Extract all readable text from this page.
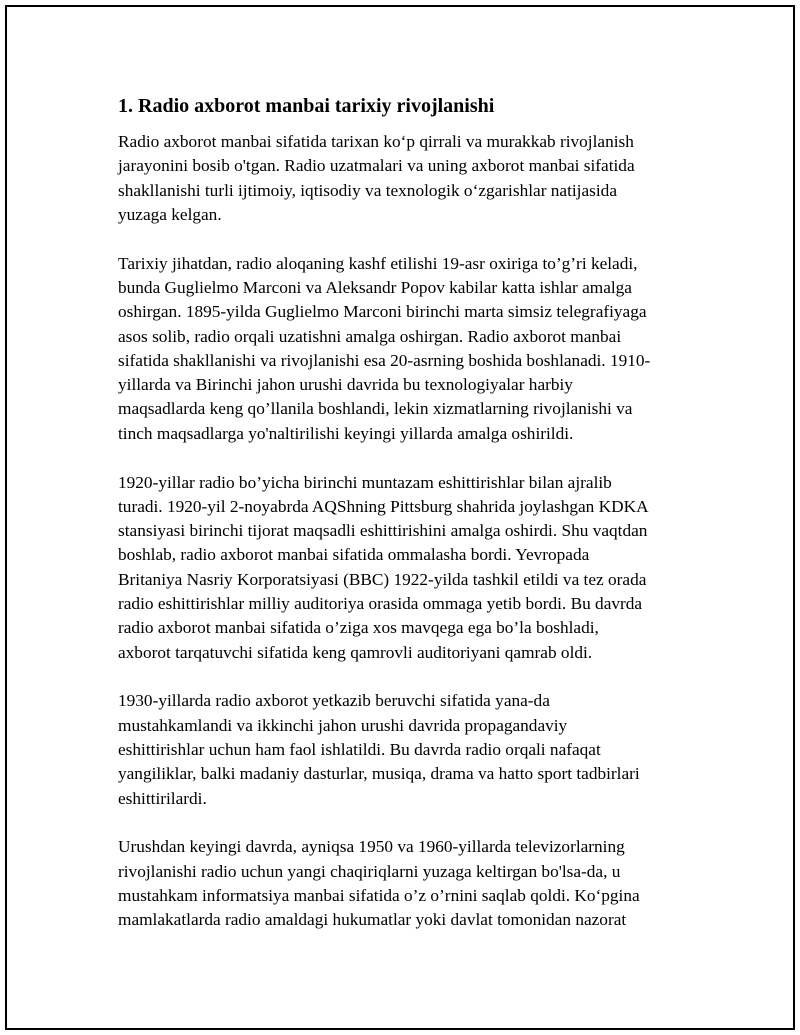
1. Radio axborot manbai tarixiy rivojlanishi
Radio axborot manbai sifatida tarixan ko‘p qirrali va murakkab rivojlanish
jarayonini bosib o'tgan. Radio uzatmalari va uning axborot manbai sifatida
shakllanishi turli ijtimoiy, iqtisodiy va texnologik o‘zgarishlar natijasida
yuzaga kelgan.
Tarixiy jihatdan, radio aloqaning kashf etilishi 19-asr oxiriga to’g’ri keladi,
bunda Guglielmo Marconi va Aleksandr Popov kabilar katta ishlar amalga
oshirgan. 1895-yilda Guglielmo Marconi birinchi marta simsiz telegrafiyaga
asos solib, radio orqali uzatishni amalga oshirgan. Radio axborot manbai
sifatida shakllanishi va rivojlanishi esa 20-asrning boshida boshlanadi. 1910-
yillarda va Birinchi jahon urushi davrida bu texnologiyalar harbiy
maqsadlarda keng qo’llanila boshlandi, lekin xizmatlarning rivojlanishi va
tinch maqsadlarga yo'naltirilishi keyingi yillarda amalga oshirildi.
1920-yillar radio bo’yicha birinchi muntazam eshittirishlar bilan ajralib
turadi. 1920-yil 2-noyabrda AQShning Pittsburg shahrida joylashgan KDKA
stansiyasi birinchi tijorat maqsadli eshittirishini amalga oshirdi. Shu vaqtdan
boshlab, radio axborot manbai sifatida ommalasha bordi. Yevropada
Britaniya Nasriy Korporatsiyasi (BBC) 1922-yilda tashkil etildi va tez orada
radio eshittirishlar milliy auditoriya orasida ommaga yetib bordi. Bu davrda
radio axborot manbai sifatida o’ziga xos mavqega ega bo’la boshladi,
axborot tarqatuvchi sifatida keng qamrovli auditoriyani qamrab oldi.
1930-yillarda radio axborot yetkazib beruvchi sifatida yana-da
mustahkamlandi va ikkinchi jahon urushi davrida propagandaviy
eshittirishlar uchun ham faol ishlatildi. Bu davrda radio orqali nafaqat
yangiliklar, balki madaniy dasturlar, musiqa, drama va hatto sport tadbirlari
eshittirilardi.
Urushdan keyingi davrda, ayniqsa 1950 va 1960-yillarda televizorlarning
rivojlanishi radio uchun yangi chaqiriqlarni yuzaga keltirgan bo'lsa-da, u
mustahkam informatsiya manbai sifatida o’z o’rnini saqlab qoldi. Ko‘pgina
mamlakatlarda radio amaldagi hukumatlar yoki davlat tomonidan nazorat
